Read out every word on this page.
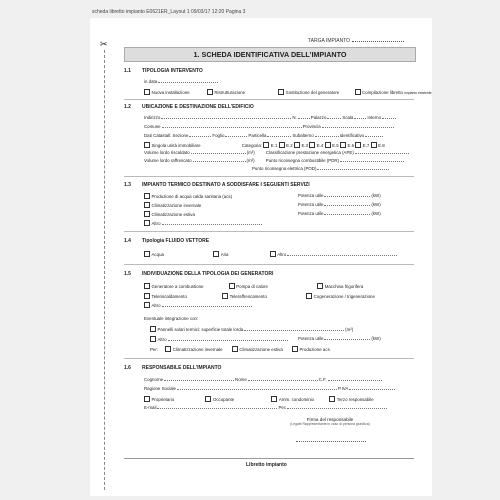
scheda libretto impianto E0621ER_Layout 1 09/03/17 12:20 Pagina 3
✂	TARGA IMPIANTO
1. SCHEDA IDENTIFICATIVA DELL'IMPIANTO
1.1 TIPOLOGIA INTERVENTO
in data
Nuova installazione	Ristrutturazione	Sostituzione del generatore	Compilazione libretto impianto esistente
1.2 UBICAZIONE E DESTINAZIONE DELL'EDIFICIO
Indirizzo	N.	Palazzo	Scala	Interno
Comune	Provincia
Dati Catastali: Sezione	Foglio	Particella	Subalterno	Identificativo
Singola unità immobiliare	Categoria: E.1 E.2 E.3 E.4 E.5 E.6 E.7 E.8
Volume lordo riscaldato	(m³)	Classificazione prestazione energetica (APE)
Volume lordo raffrescato	(m³)	Punto riconsegna combustibile (PDR)
Punto riconsegna elettrica (POD)
1.3 IMPIANTO TERMICO DESTINATO A SODDISFARE I SEGUENTI SERVIZI
Produzione di acqua calda sanitaria (acs)	Potenza utile	(kW)
Climatizzazione invernale	Potenza utile	(kW)
Climatizzazione estiva	Potenza utile	(kW)
Altro
1.4 Tipologia FLUIDO VETTORE
Acqua	Aria	Altro
1.5 INDIVIDUAZIONE DELLA TIPOLOGIA DEI GENERATORI
Generatore a combustione	Pompa di calore	Macchina frigorifera
Teleriscaldamento	Teleraffrescamento	Cogenerazione / trigenerazione
Altro
Eventuale integrazione con:
Pannelli solari termici: superficie totale lorda	(m²)
Altro	Potenza utile	(kW)
Per:	Climatizzazione invernale	Climatizzazione estiva	Produzione acs
1.6 RESPONSABILE DELL'IMPIANTO
Cognome	Nome	C.F.
Ragione Sociale	P.IVA
Proprietario	Occupante	Amm. condominio	Terzo responsabile
E-mail	Pec
Firma del responsabile
(Legale Rappresentante in caso di persona giuridica)
Libretto impianto
